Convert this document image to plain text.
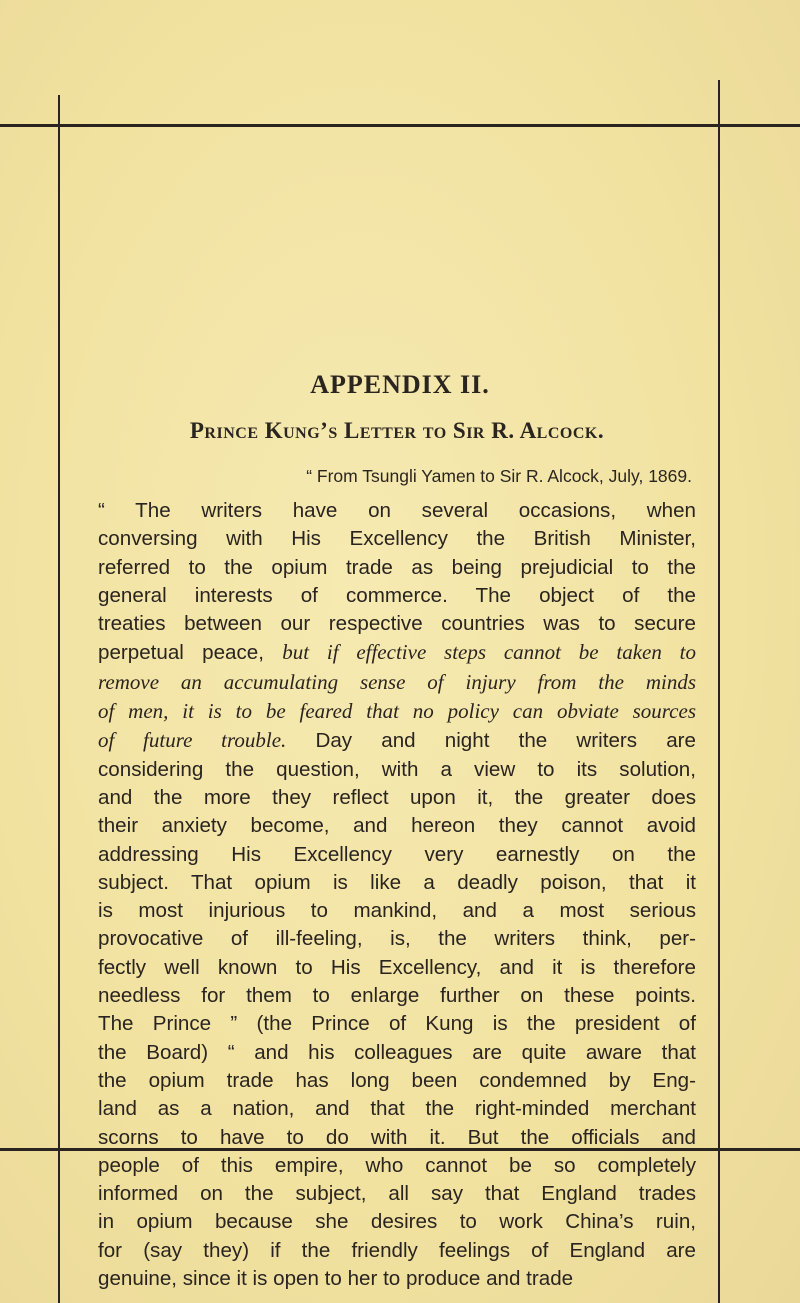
APPENDIX II.
Prince Kung’s Letter to Sir R. Alcock.

“ From Tsungli Yamen to Sir R. Alcock, July, 1869.

“ The writers have on several occasions, when
conversing with His Excellency the British Minister,
referred to the opium trade as being prejudicial to the
general interests of commerce. The object of the
treaties between our respective countries was to secure
perpetual peace, but if effective steps cannot be taken to
remove an accumulating sense of injury from the minds
of men, it is to be feared that no policy can obviate sources
of future trouble. Day and night the writers are
considering the question, with a view to its solution,
and the more they reflect upon it, the greater does
their anxiety become, and hereon they cannot avoid
addressing His Excellency very earnestly on the
subject. That opium is like a deadly poison, that it
is most injurious to mankind, and a most serious
provocative of ill-feeling, is, the writers think, per-
fectly well known to His Excellency, and it is therefore
needless for them to enlarge further on these points.
The Prince ” (the Prince of Kung is the president of
the Board) “ and his colleagues are quite aware that
the opium trade has long been condemned by Eng-
land as a nation, and that the right-minded merchant
scorns to have to do with it. But the officials and
people of this empire, who cannot be so completely
informed on the subject, all say that England trades
in opium because she desires to work China’s ruin,
for (say they) if the friendly feelings of England are
genuine, since it is open to her to produce and trade
